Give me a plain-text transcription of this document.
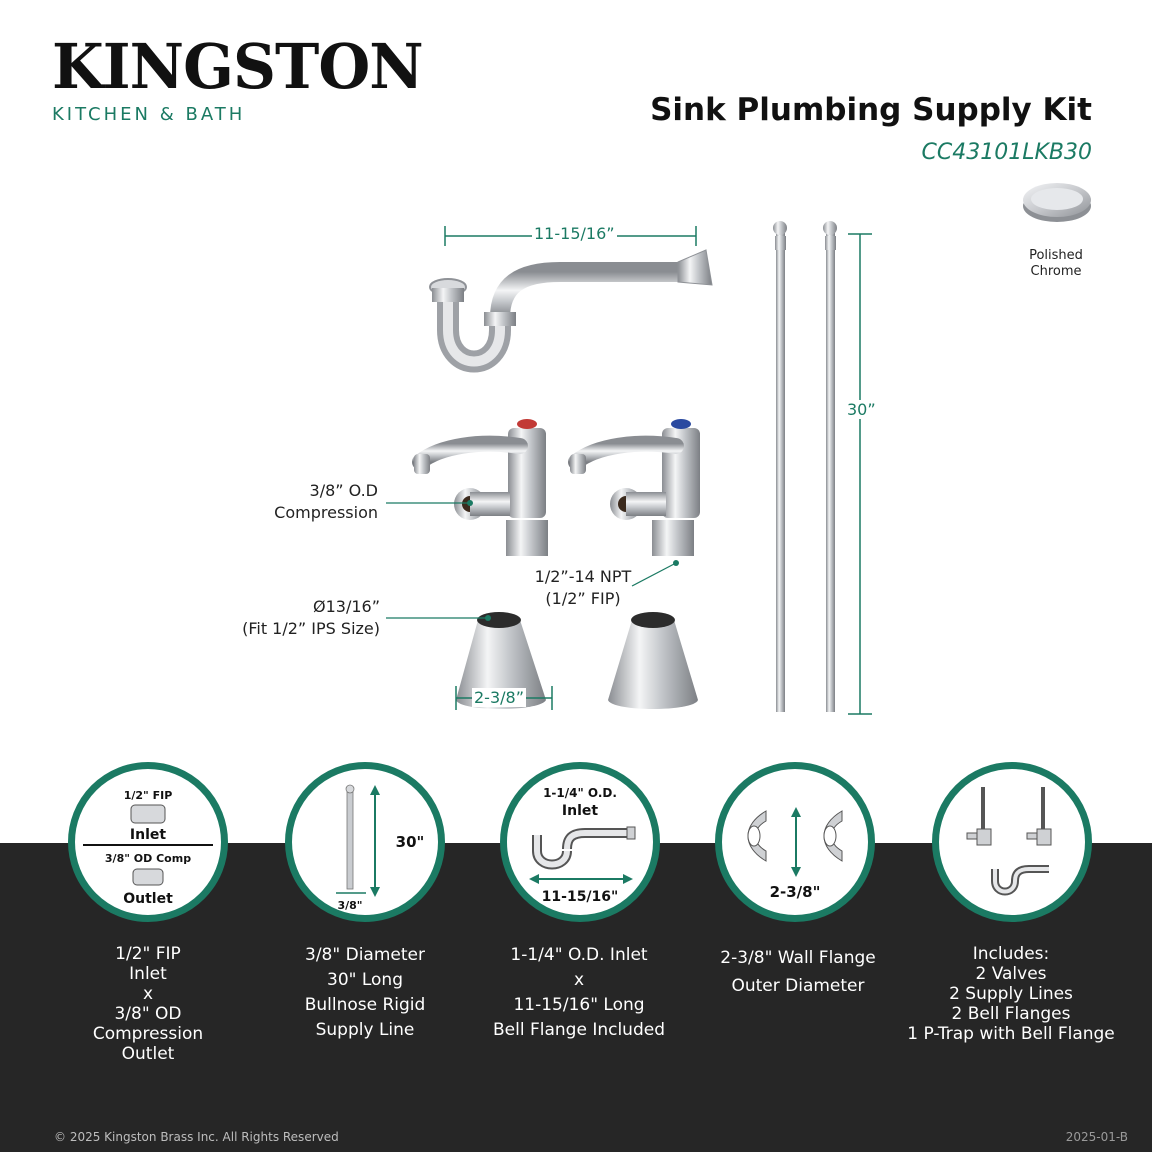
KINGSTON
KITCHEN & BATH	Sink Plumbing Supply Kit
CC43101LKB30
Polished
Chrome
11-15/16”
30”
2-3/8”
3/8” O.D
Compression
1/2”-14 NPT
(1/2” FIP)
Ø13/16”
(Fit 1/2” IPS Size)
1/2" FIP
Inlet
3/8" OD Comp
Outlet
30"
3/8"
1-1/4" O.D.
Inlet
11-15/16"	2-3/8"
1/2" FIP
Inlet
x
3/8" OD
Compression
Outlet
3/8" Diameter
30" Long
Bullnose Rigid
Supply Line
1-1/4" O.D. Inlet
x
11-15/16" Long
Bell Flange Included
2-3/8" Wall Flange
Outer Diameter
Includes:
2 Valves
2 Supply Lines
2 Bell Flanges
1 P-Trap with Bell Flange
© 2025 Kingston Brass Inc. All Rights Reserved	2025-01-B
